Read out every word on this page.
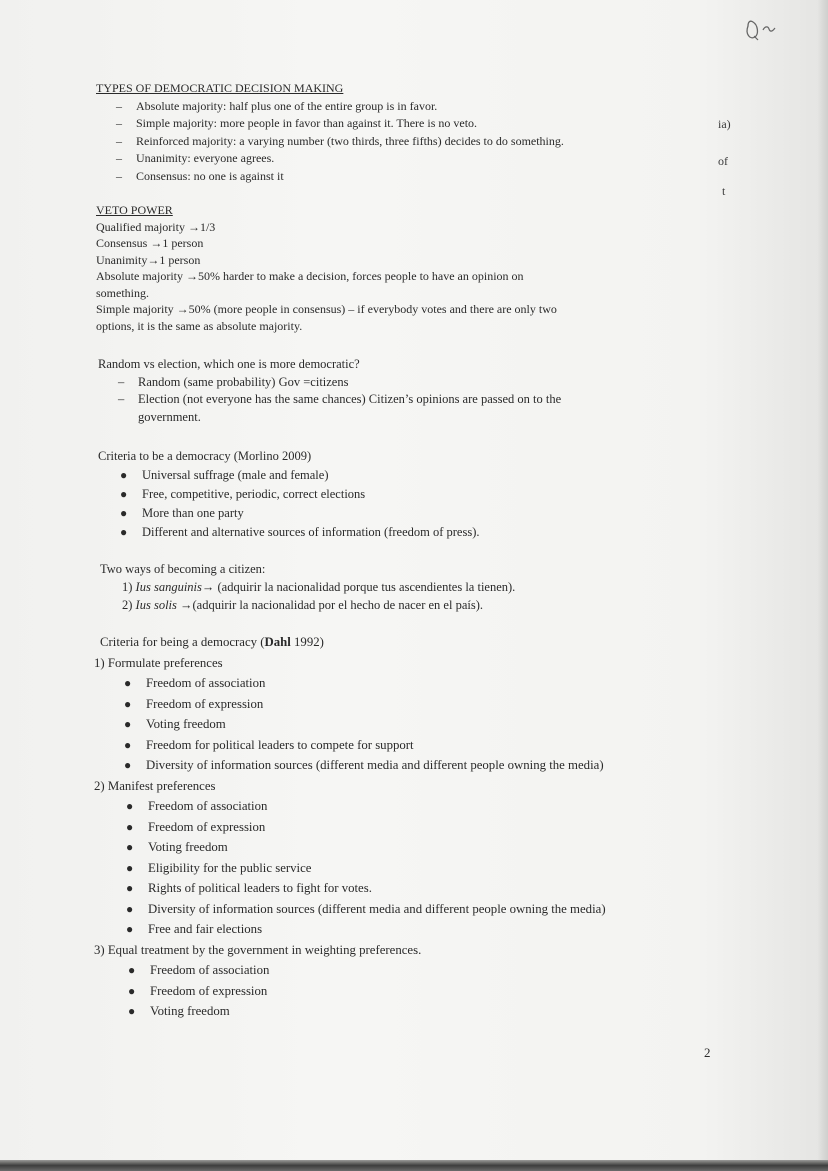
ia)
of
t
TYPES OF DEMOCRATIC DECISION MAKING
– Absolute majority: half plus one of the entire group is in favor.
– Simple majority: more people in favor than against it. There is no veto.
– Reinforced majority: a varying number (two thirds, three fifths) decides to do something.
– Unanimity: everyone agrees.
– Consensus: no one is against it
VETO POWER
Qualified majority →1/3
Consensus →1 person
Unanimity→1 person
Absolute majority →50% harder to make a decision, forces people to have an opinion on
something.
Simple majority →50% (more people in consensus) – if everybody votes and there are only two
options, it is the same as absolute majority.
Random vs election, which one is more democratic?
– Random (same probability) Gov =citizens
– Election (not everyone has the same chances) Citizen’s opinions are passed on to the
government.
Criteria to be a democracy (Morlino 2009)
● Universal suffrage (male and female)
● Free, competitive, periodic, correct elections
● More than one party
● Different and alternative sources of information (freedom of press).
Two ways of becoming a citizen:
1) Ius sanguinis→ (adquirir la nacionalidad porque tus ascendientes la tienen).
2) Ius solis →(adquirir la nacionalidad por el hecho de nacer en el país).
Criteria for being a democracy (Dahl 1992)
1) Formulate preferences
● Freedom of association
● Freedom of expression
● Voting freedom
● Freedom for political leaders to compete for support
● Diversity of information sources (different media and different people owning the media)
2) Manifest preferences
● Freedom of association
● Freedom of expression
● Voting freedom
● Eligibility for the public service
● Rights of political leaders to fight for votes.
● Diversity of information sources (different media and different people owning the media)
● Free and fair elections
3) Equal treatment by the government in weighting preferences.
● Freedom of association
● Freedom of expression
● Voting freedom
2
